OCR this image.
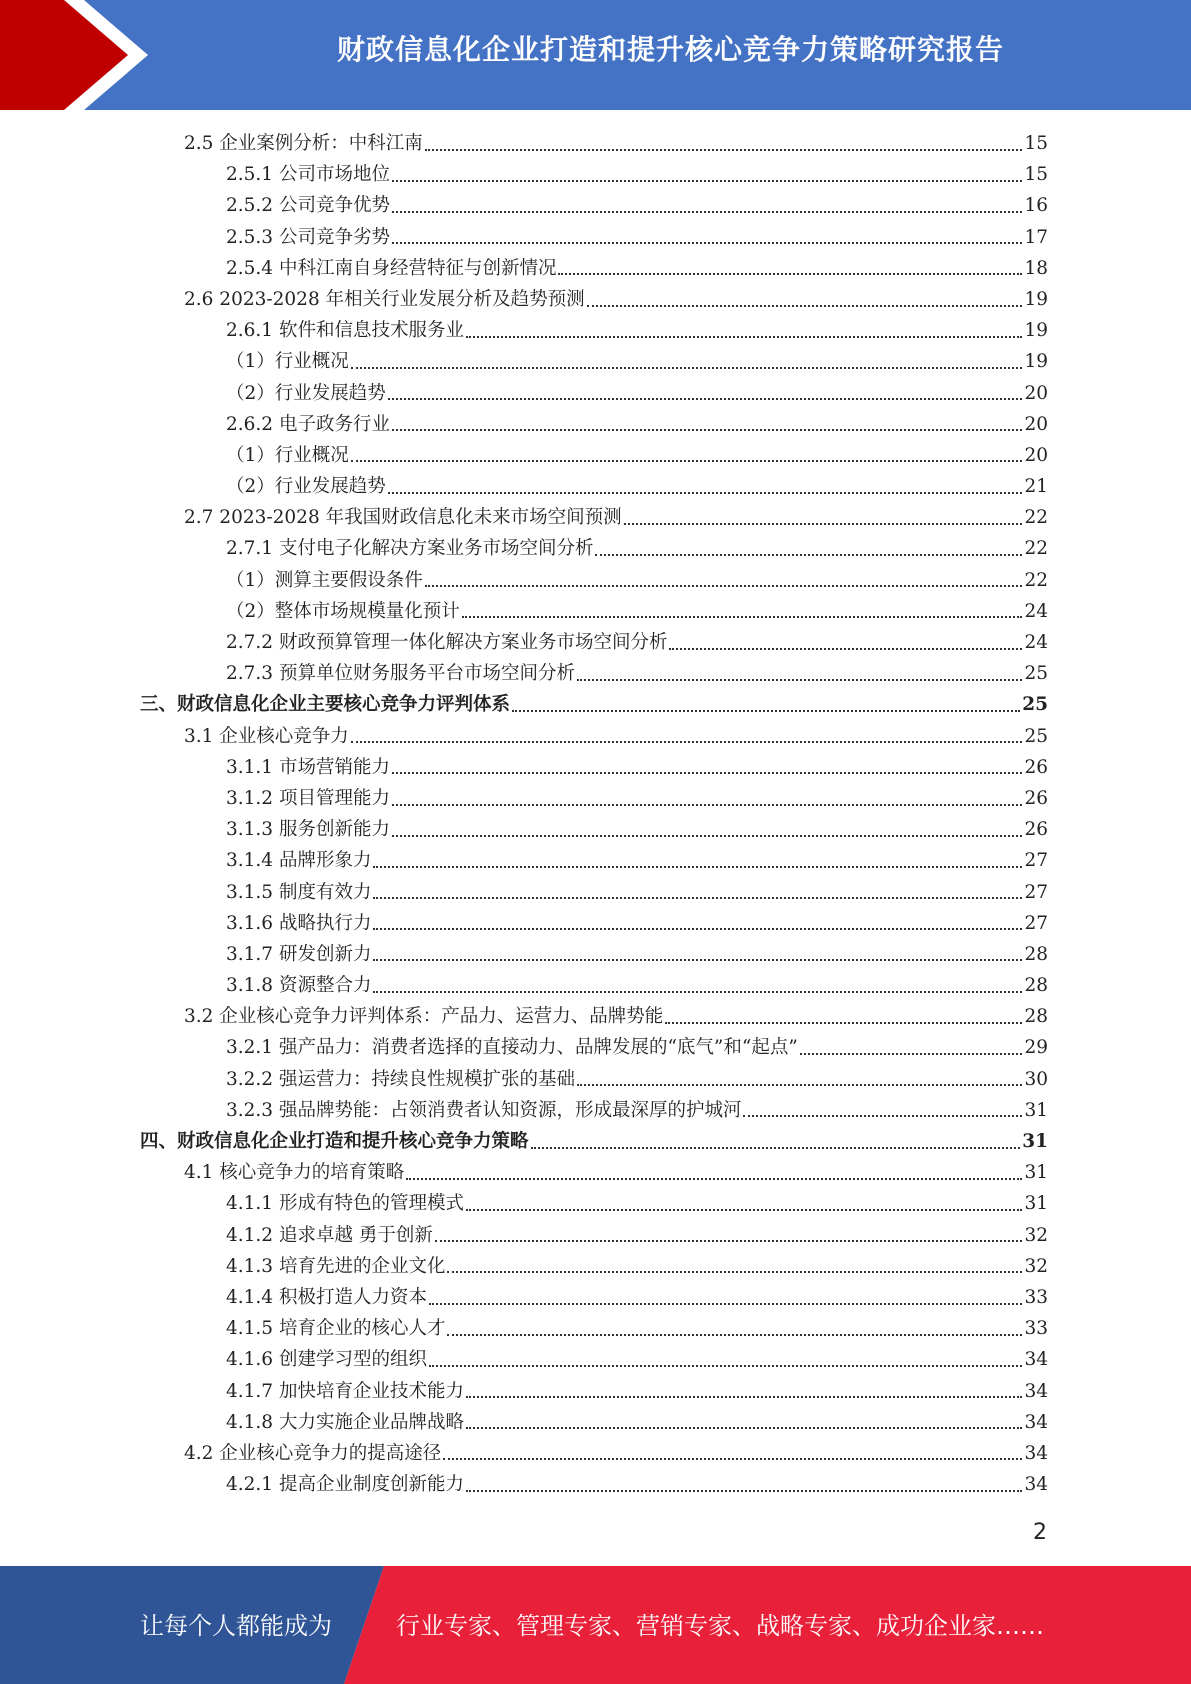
财政信息化企业打造和提升核心竞争力策略研究报告
2.5 企业案例分析：中科江南	15
2.5.1 公司市场地位	15
2.5.2 公司竞争优势	16
2.5.3 公司竞争劣势	17
2.5.4 中科江南自身经营特征与创新情况	18
2.6 2023-2028 年相关行业发展分析及趋势预测	19
2.6.1 软件和信息技术服务业	19
（1）行业概况	19
（2）行业发展趋势	20
2.6.2 电子政务行业	20
（1）行业概况	20
（2）行业发展趋势	21
2.7 2023-2028 年我国财政信息化未来市场空间预测	22
2.7.1 支付电子化解决方案业务市场空间分析	22
（1）测算主要假设条件	22
（2）整体市场规模量化预计	24
2.7.2 财政预算管理一体化解决方案业务市场空间分析	24
2.7.3 预算单位财务服务平台市场空间分析	25
三、财政信息化企业主要核心竞争力评判体系	25
3.1 企业核心竞争力	25
3.1.1 市场营销能力	26
3.1.2 项目管理能力	26
3.1.3 服务创新能力	26
3.1.4 品牌形象力	27
3.1.5 制度有效力	27
3.1.6 战略执行力	27
3.1.7 研发创新力	28
3.1.8 资源整合力	28
3.2 企业核心竞争力评判体系：产品力、运营力、品牌势能	28
3.2.1 强产品力：消费者选择的直接动力、品牌发展的“底气”和“起点”	29
3.2.2 强运营力：持续良性规模扩张的基础	30
3.2.3 强品牌势能：占领消费者认知资源，形成最深厚的护城河	31
四、财政信息化企业打造和提升核心竞争力策略	31
4.1 核心竞争力的培育策略	31
4.1.1 形成有特色的管理模式	31
4.1.2 追求卓越 勇于创新	32
4.1.3 培育先进的企业文化	32
4.1.4 积极打造人力资本	33
4.1.5 培育企业的核心人才	33
4.1.6 创建学习型的组织	34
4.1.7 加快培育企业技术能力	34
4.1.8 大力实施企业品牌战略	34
4.2 企业核心竞争力的提高途径	34
4.2.1 提高企业制度创新能力	34
2
让每个人都能成为	行业专家、管理专家、营销专家、战略专家、成功企业家……
